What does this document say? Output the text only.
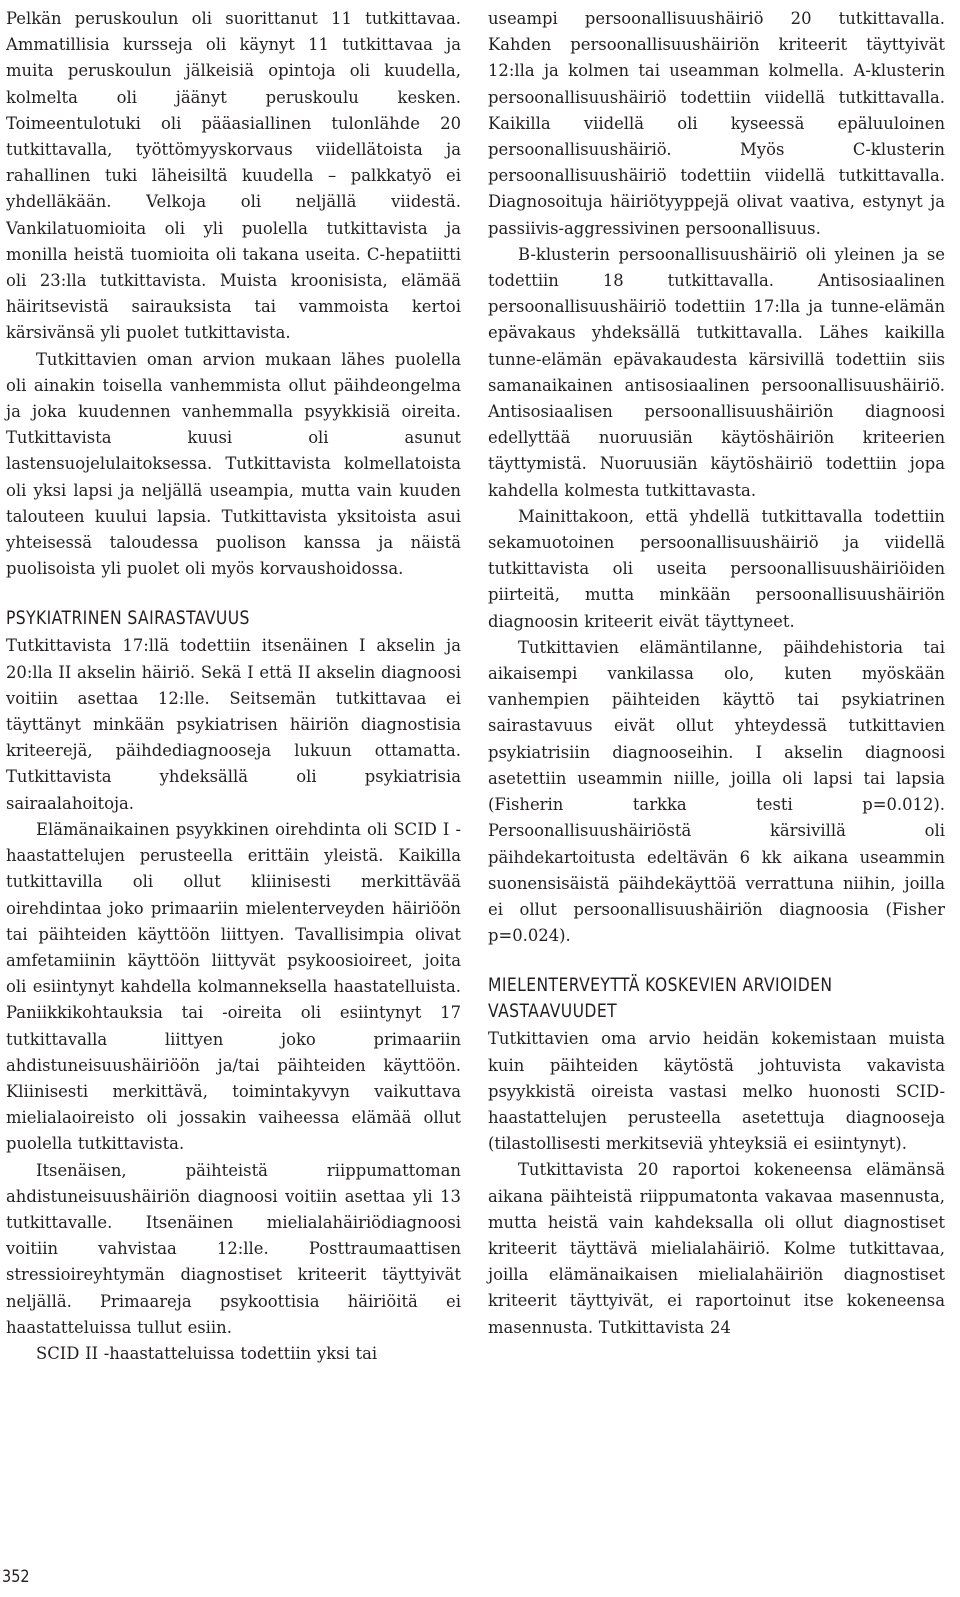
Pelkän peruskoulun oli suorittanut 11 tutkittavaa. Ammatillisia kursseja oli käynyt 11 tutkittavaa ja muita peruskoulun jälkeisiä opintoja oli kuudella, kolmelta oli jäänyt peruskoulu kesken. Toimeentulotuki oli pääasiallinen tulonlähde 20 tutkittavalla, työttömyyskorvaus viidellätoista ja rahallinen tuki läheisiltä kuudella – palkkatyö ei yhdelläkään. Velkoja oli neljällä viidestä. Vankilatuomioita oli yli puolella tutkittavista ja monilla heistä tuomioita oli takana useita. C-hepatiitti oli 23:lla tutkittavista. Muista kroonisista, elämää häiritsevistä sairauksista tai vammoista kertoi kärsivänsä yli puolet tutkittavista.

Tutkittavien oman arvion mukaan lähes puolella oli ainakin toisella vanhemmista ollut päihdeongelma ja joka kuudennen vanhemmalla psyykkisiä oireita. Tutkittavista kuusi oli asunut lastensuojelulaitoksessa. Tutkittavista kolmellatoista oli yksi lapsi ja neljällä useampia, mutta vain kuuden talouteen kuului lapsia. Tutkittavista yksitoista asui yhteisessä taloudessa puolison kanssa ja näistä puolisoista yli puolet oli myös korvaushoidossa.

PSYKIATRINEN SAIRASTAVUUS

Tutkittavista 17:llä todettiin itsenäinen I akselin ja 20:lla II akselin häiriö. Sekä I että II akselin diagnoosi voitiin asettaa 12:lle. Seitsemän tutkittavaa ei täyttänyt minkään psykiatrisen häiriön diagnostisia kriteerejä, päihdediagnooseja lukuun ottamatta. Tutkittavista yhdeksällä oli psykiatrisia sairaalahoitoja.

Elämänaikainen psyykkinen oirehdinta oli SCID I -haastattelujen perusteella erittäin yleistä. Kaikilla tutkittavilla oli ollut kliinisesti merkittävää oirehdintaa joko primaariin mielenterveyden häiriöön tai päihteiden käyttöön liittyen. Tavallisimpia olivat amfetamiinin käyttöön liittyvät psykoosioireet, joita oli esiintynyt kahdella kolmanneksella haastatelluista. Paniikkikohtauksia tai -oireita oli esiintynyt 17 tutkittavalla liittyen joko primaariin ahdistuneisuushäiriöön ja/tai päihteiden käyttöön. Kliinisesti merkittävä, toimintakyvyn vaikuttava mielialaoireisto oli jossakin vaiheessa elämää ollut puolella tutkittavista.

Itsenäisen, päihteistä riippumattoman ahdistuneisuushäiriön diagnoosi voitiin asettaa yli 13 tutkittavalle. Itsenäinen mielialahäiriödiagnoosi voitiin vahvistaa 12:lle. Posttraumaattisen stressioireyhtymän diagnostiset kriteerit täyttyivät neljällä. Primaareja psykoottisia häiriöitä ei haastatteluissa tullut esiin.

SCID II -haastatteluissa todettiin yksi tai

useampi persoonallisuushäiriö 20 tutkittavalla. Kahden persoonallisuushäiriön kriteerit täyttyivät 12:lla ja kolmen tai useamman kolmella. A-klusterin persoonallisuushäiriö todettiin viidellä tutkittavalla. Kaikilla viidellä oli kyseessä epäluuloinen persoonallisuushäiriö. Myös C-klusterin persoonallisuushäiriö todettiin viidellä tutkittavalla. Diagnosoituja häiriötyyppejä olivat vaativa, estynyt ja passiivis-aggressivinen persoonallisuus.

B-klusterin persoonallisuushäiriö oli yleinen ja se todettiin 18 tutkittavalla. Antisosiaalinen persoonallisuushäiriö todettiin 17:lla ja tunne-elämän epävakaus yhdeksällä tutkittavalla. Lähes kaikilla tunne-elämän epävakaudesta kärsivillä todettiin siis samanaikainen antisosiaalinen persoonallisuushäiriö. Antisosiaalisen persoonallisuushäiriön diagnoosi edellyttää nuoruusiän käytöshäiriön kriteerien täyttymistä. Nuoruusiän käytöshäiriö todettiin jopa kahdella kolmesta tutkittavasta.

Mainittakoon, että yhdellä tutkittavalla todettiin sekamuotoinen persoonallisuushäiriö ja viidellä tutkittavista oli useita persoonallisuushäiriöiden piirteitä, mutta minkään persoonallisuushäiriön diagnoosin kriteerit eivät täyttyneet.

Tutkittavien elämäntilanne, päihdehistoria tai aikaisempi vankilassa olo, kuten myöskään vanhempien päihteiden käyttö tai psykiatrinen sairastavuus eivät ollut yhteydessä tutkittavien psykiatrisiin diagnooseihin. I akselin diagnoosi asetettiin useammin niille, joilla oli lapsi tai lapsia (Fisherin tarkka testi p=0.012). Persoonallisuushäiriöstä kärsivillä oli päihdekartoitusta edeltävän 6 kk aikana useammin suonensisäistä päihdekäyttöä verrattuna niihin, joilla ei ollut persoonallisuushäiriön diagnoosia (Fisher p=0.024).

MIELENTERVEYTTÄ KOSKEVIEN ARVIOIDEN VASTAAVUUDET

Tutkittavien oma arvio heidän kokemistaan muista kuin päihteiden käytöstä johtuvista vakavista psyykkistä oireista vastasi melko huonosti SCID-haastattelujen perusteella asetettuja diagnooseja (tilastollisesti merkitseviä yhteyksiä ei esiintynyt).

Tutkittavista 20 raportoi kokeneensa elämänsä aikana päihteistä riippumatonta vakavaa masennusta, mutta heistä vain kahdeksalla oli ollut diagnostiset kriteerit täyttävä mielialahäiriö. Kolme tutkittavaa, joilla elämänaikaisen mielialahäiriön diagnostiset kriteerit täyttyivät, ei raportoinut itse kokeneensa masennusta. Tutkittavista 24

352
